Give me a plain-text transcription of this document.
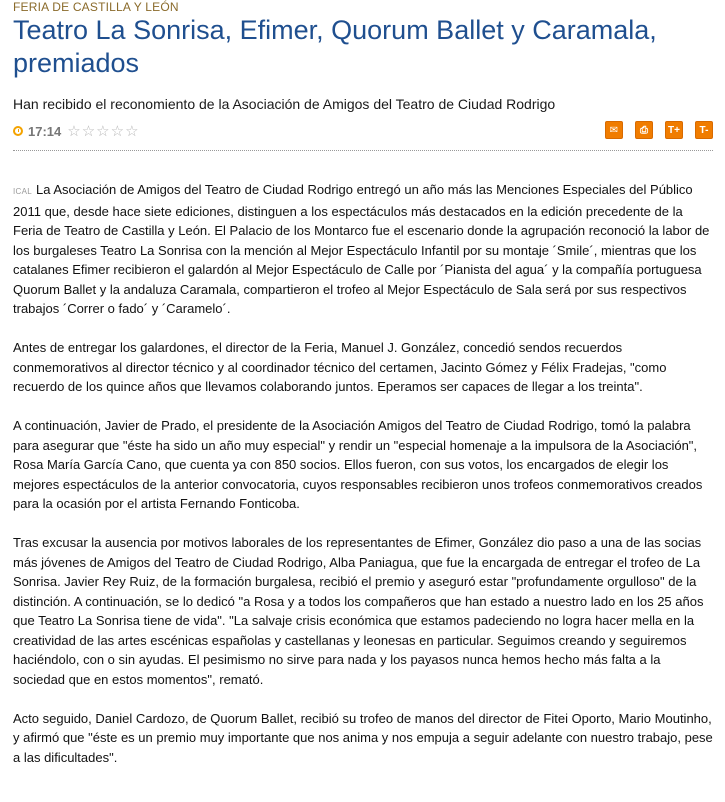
FERIA DE CASTILLA Y LEÓN
Teatro La Sonrisa, Efimer, Quorum Ballet y Caramala, premiados
Han recibido el reconomiento de la Asociación de Amigos del Teatro de Ciudad Rodrigo
17:14 ☆ ☆ ☆ ☆ ☆	✉	⎙	T+	T-

ICAL La Asociación de Amigos del Teatro de Ciudad Rodrigo entregó un año más las Menciones Especiales del Público 2011 que, desde hace siete ediciones, distinguen a los espectáculos más destacados en la edición precedente de la Feria de Teatro de Castilla y León. El Palacio de los Montarco fue el escenario donde la agrupación reconoció la labor de los burgaleses Teatro La Sonrisa con la mención al Mejor Espectáculo Infantil por su montaje ´Smile´, mientras que los catalanes Efimer recibieron el galardón al Mejor Espectáculo de Calle por ´Pianista del agua´ y la compañía portuguesa Quorum Ballet y la andaluza Caramala, compartieron el trofeo al Mejor Espectáculo de Sala será por sus respectivos trabajos ´Correr o fado´ y ´Caramelo´.

Antes de entregar los galardones, el director de la Feria, Manuel J. González, concedió sendos recuerdos conmemorativos al director técnico y al coordinador técnico del certamen, Jacinto Gómez y Félix Fradejas, "como recuerdo de los quince años que llevamos colaborando juntos. Eperamos ser capaces de llegar a los treinta".

A continuación, Javier de Prado, el presidente de la Asociación Amigos del Teatro de Ciudad Rodrigo, tomó la palabra para asegurar que "éste ha sido un año muy especial" y rendir un "especial homenaje a la impulsora de la Asociación", Rosa María García Cano, que cuenta ya con 850 socios. Ellos fueron, con sus votos, los encargados de elegir los mejores espectáculos de la anterior convocatoria, cuyos responsables recibieron unos trofeos conmemorativos creados para la ocasión por el artista Fernando Fonticoba.

Tras excusar la ausencia por motivos laborales de los representantes de Efimer, González dio paso a una de las socias más jóvenes de Amigos del Teatro de Ciudad Rodrigo, Alba Paniagua, que fue la encargada de entregar el trofeo de La Sonrisa. Javier Rey Ruiz, de la formación burgalesa, recibió el premio y aseguró estar "profundamente orgulloso" de la distinción. A continuación, se lo dedicó "a Rosa y a todos los compañeros que han estado a nuestro lado en los 25 años que Teatro La Sonrisa tiene de vida". "La salvaje crisis económica que estamos padeciendo no logra hacer mella en la creatividad de las artes escénicas españolas y castellanas y leonesas en particular. Seguimos creando y seguiremos haciéndolo, con o sin ayudas. El pesimismo no sirve para nada y los payasos nunca hemos hecho más falta a la sociedad que en estos momentos", remató.

Acto seguido, Daniel Cardozo, de Quorum Ballet, recibió su trofeo de manos del director de Fitei Oporto, Mario Moutinho, y afirmó que "éste es un premio muy importante que nos anima y nos empuja a seguir adelante con nuestro trabajo, pese a las dificultades".
